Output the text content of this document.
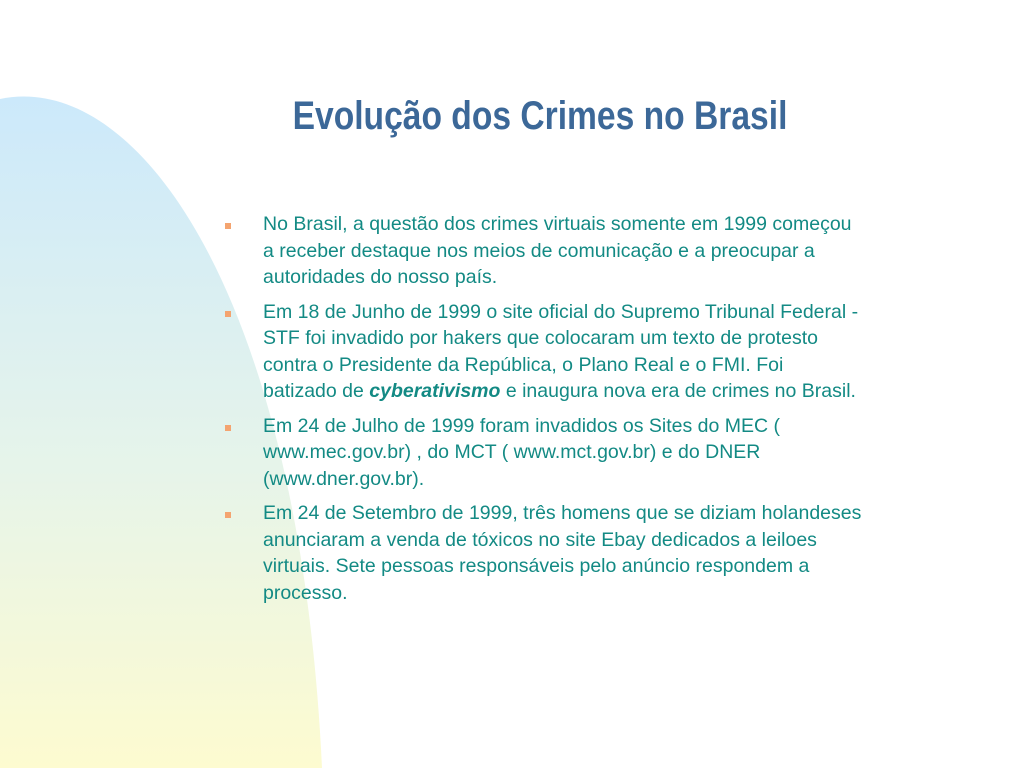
Evolução dos Crimes no Brasil
No Brasil, a questão dos crimes virtuais somente em 1999 começou a receber destaque nos meios de comunicação e a preocupar a autoridades do nosso país.
Em 18 de Junho de 1999 o site oficial do Supremo Tribunal Federal - STF foi invadido por hakers que colocaram um texto de protesto contra o Presidente da República, o Plano Real e o FMI. Foi batizado de cyberativismo e inaugura nova era de crimes no Brasil.
Em 24 de Julho de 1999 foram invadidos os Sites do MEC ( www.mec.gov.br) , do MCT ( www.mct.gov.br) e do DNER (www.dner.gov.br).
Em 24 de Setembro de 1999, três homens que se diziam holandeses anunciaram a venda de tóxicos no site Ebay dedicados a leiloes virtuais. Sete pessoas responsáveis pelo anúncio respondem a processo.
